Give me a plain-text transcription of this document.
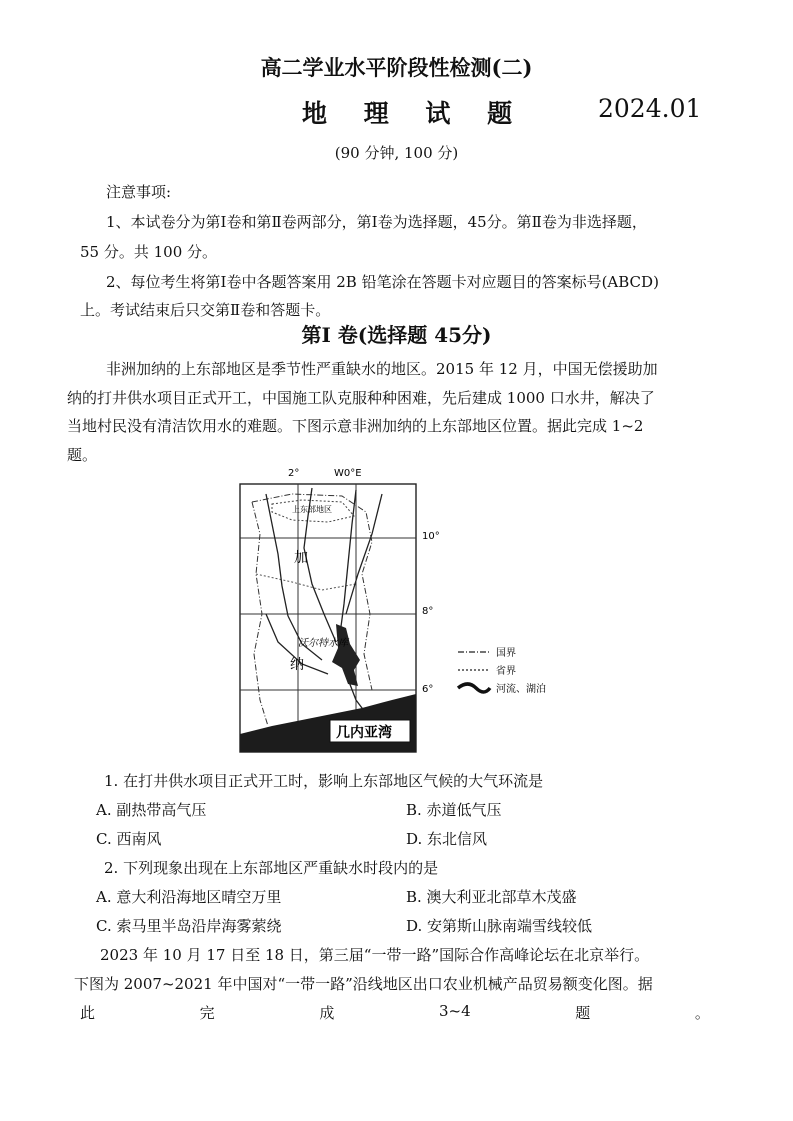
高二学业水平阶段性检测(二)
地 理 试 题	2024.01
(90 分钟, 100 分)
注意事项:
1、本试卷分为第Ⅰ卷和第Ⅱ卷两部分，第Ⅰ卷为选择题，45分。第Ⅱ卷为非选择题，
55 分。共 100 分。
2、每位考生将第Ⅰ卷中各题答案用 2B 铅笔涂在答题卡对应题目的答案标号(ABCD)
上。考试结束后只交第Ⅱ卷和答题卡。
第Ⅰ 卷(选择题 45分)
非洲加纳的上东部地区是季节性严重缺水的地区。2015 年 12 月，中国无偿援助加
纳的打井供水项目正式开工，中国施工队克服种种困难，先后建成 1000 口水井，解决了
当地村民没有清洁饮用水的难题。下图示意非洲加纳的上东部地区位置。据此完成 1~2
题。
2°	W0°E
10°
8°
6°
上东部地区
加
纳
沃尔特水库
几内亚湾
国界
省界
河流、湖泊
1. 在打井供水项目正式开工时，影响上东部地区气候的大气环流是
A. 副热带高气压	B. 赤道低气压
C. 西南风	D. 东北信风
2. 下列现象出现在上东部地区严重缺水时段内的是
A. 意大利沿海地区晴空万里	B. 澳大利亚北部草木茂盛
C. 索马里半岛沿岸海雾萦绕	D. 安第斯山脉南端雪线较低
2023 年 10 月 17 日至 18 日，第三届“一带一路”国际合作高峰论坛在北京举行。
下图为 2007~2021 年中国对“一带一路”沿线地区出口农业机械产品贸易额变化图。据
此	完	成	3~4	题	。
